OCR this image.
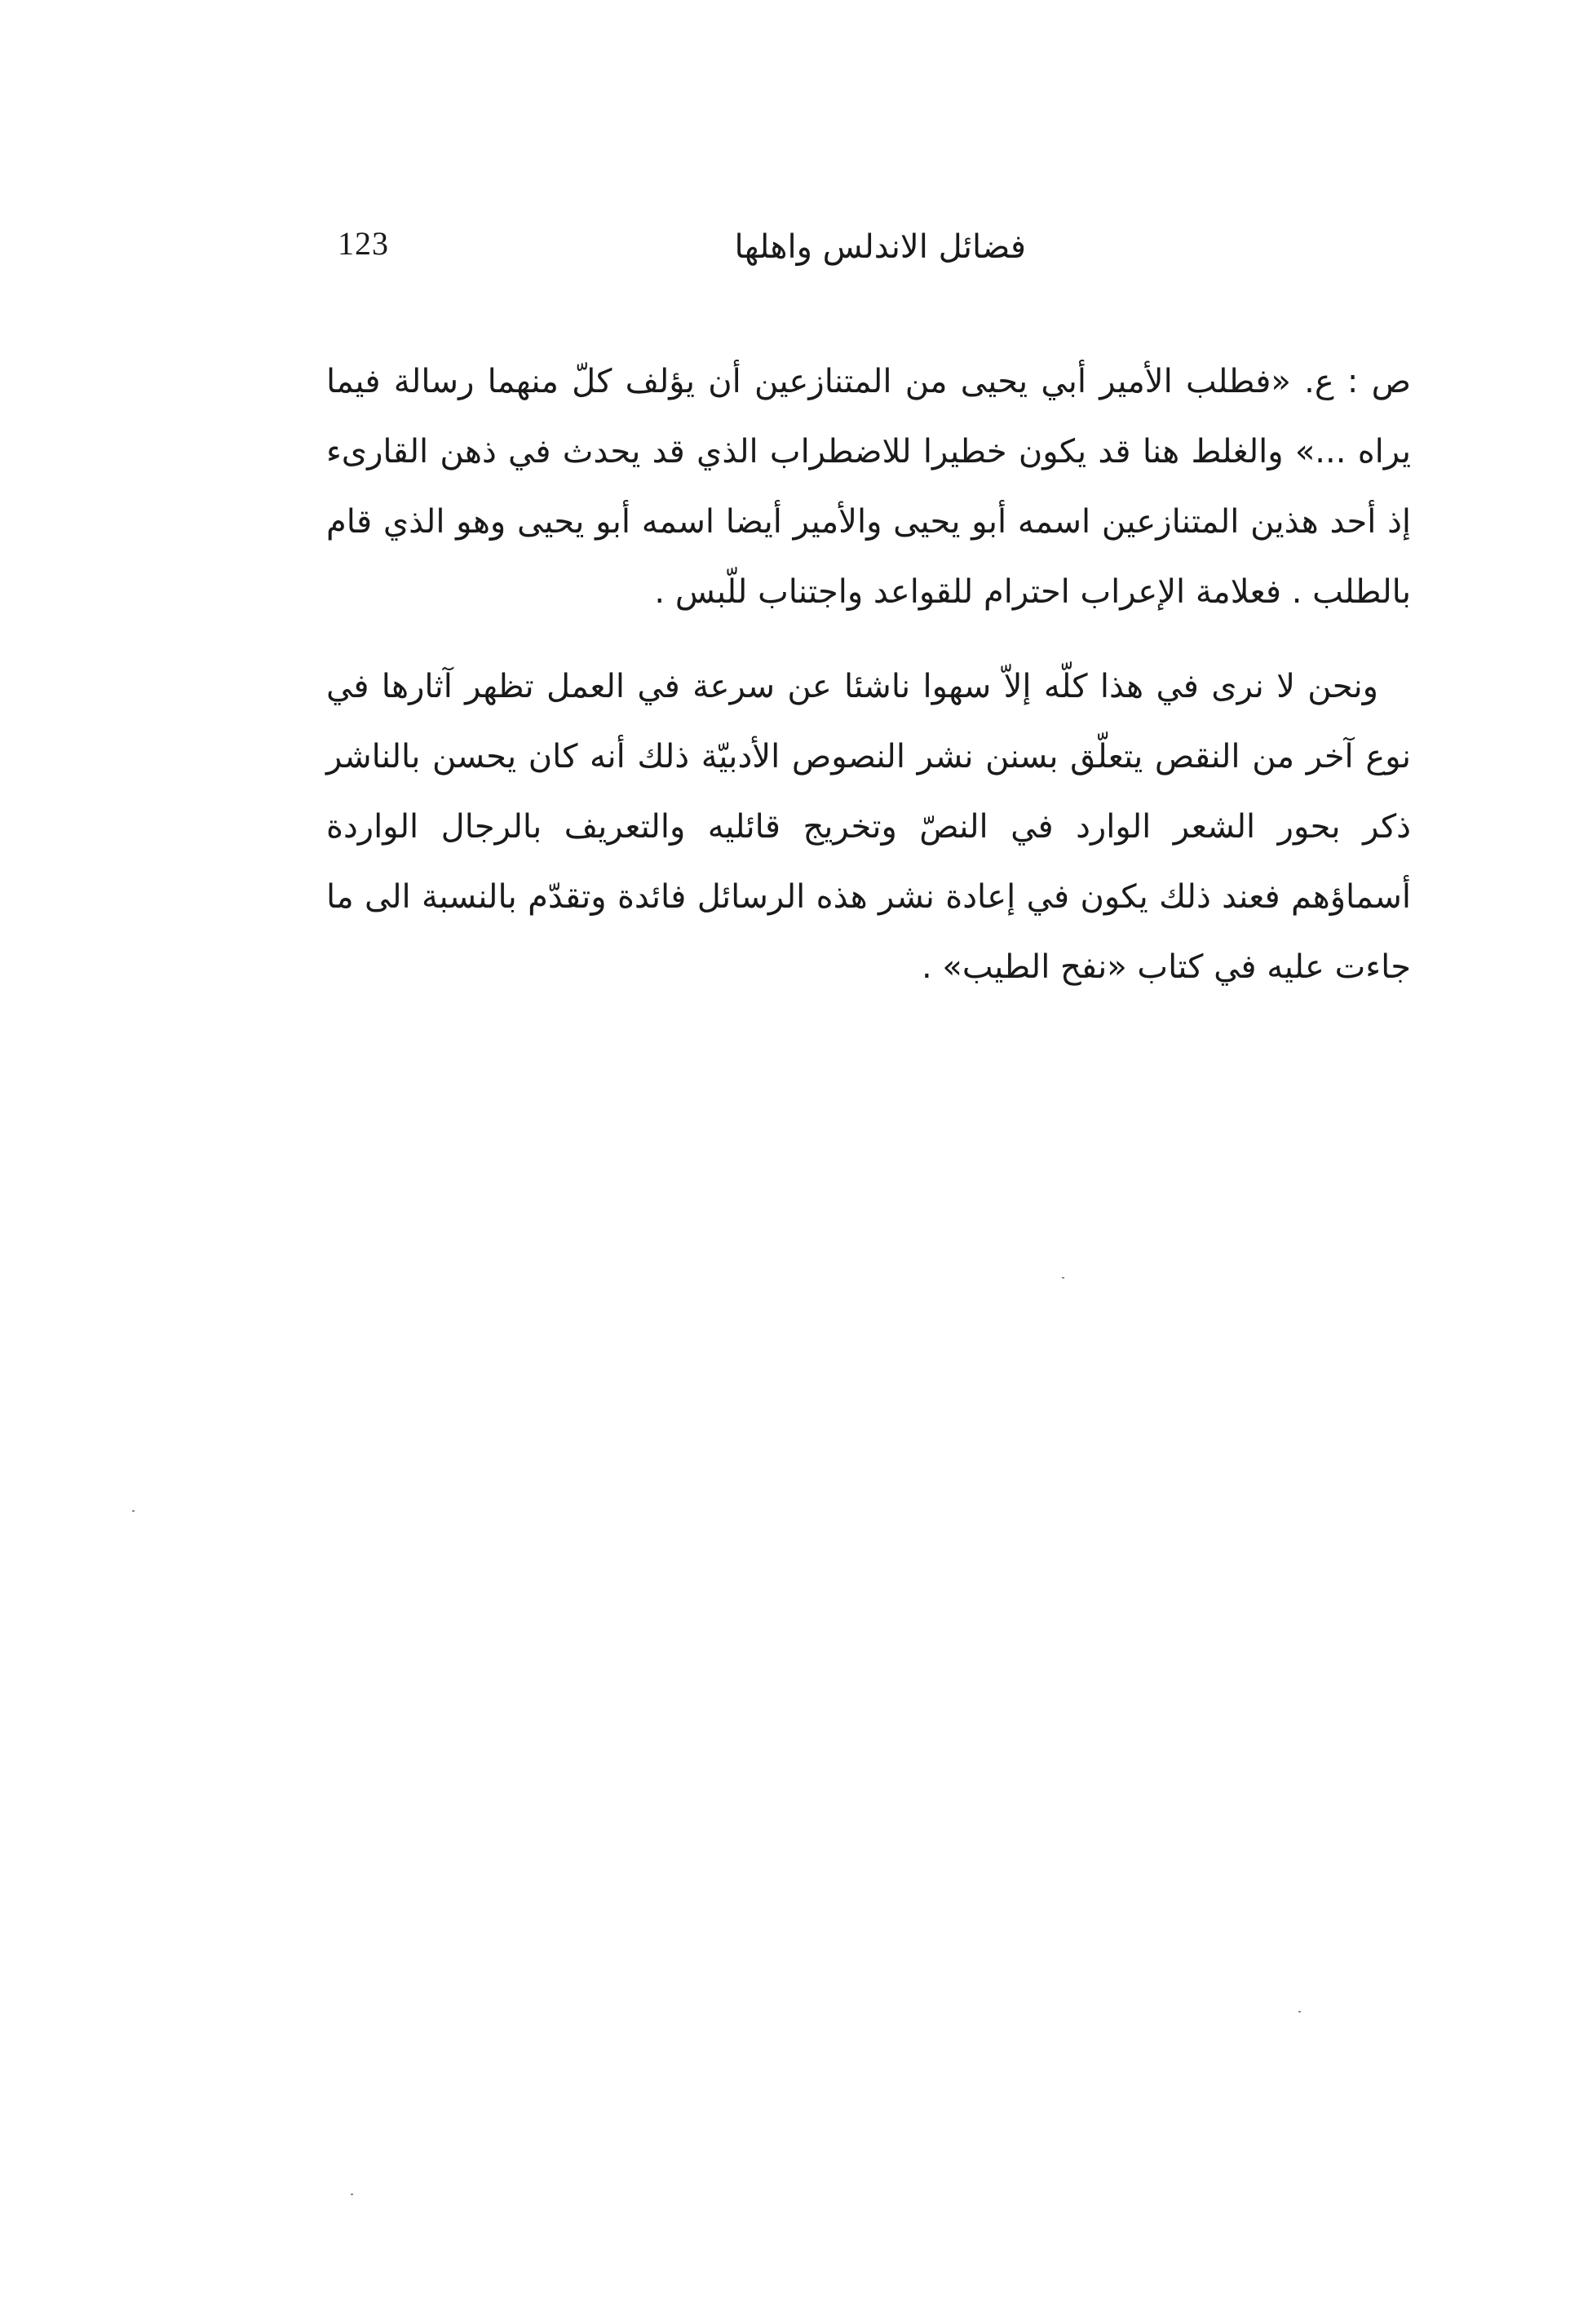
123	فضائل الاندلس واهلها

ص : ع. «فطلب الأمير أبي يحيى من المتنازعين أن يؤلف كلّ منهما رسالة فيما يراه ...» والغلط هنا قد يكون خطيرا للاضطراب الذي قد يحدث في ذهن القارىء إذ أحد هذين المتنازعين اسمه أبو يحيى والأمير أيضا اسمه أبو يحيى وهو الذي قام بالطلب . فعلامة الإعراب احترام للقواعد واجتناب للّبس .

ونحن لا نرى في هذا كلّه إلاّ سهوا ناشئا عن سرعة في العمل تظهر آثارها في نوع آخر من النقص يتعلّق بسنن نشر النصوص الأدبيّة ذلك أنه كان يحسن بالناشر ذكر بحور الشعر الوارد في النصّ وتخريج قائليه والتعريف بالرجال الواردة أسماؤهم فعند ذلك يكون في إعادة نشر هذه الرسائل فائدة وتقدّم بالنسبة الى ما جاءت عليه في كتاب «نفح الطيب» .
